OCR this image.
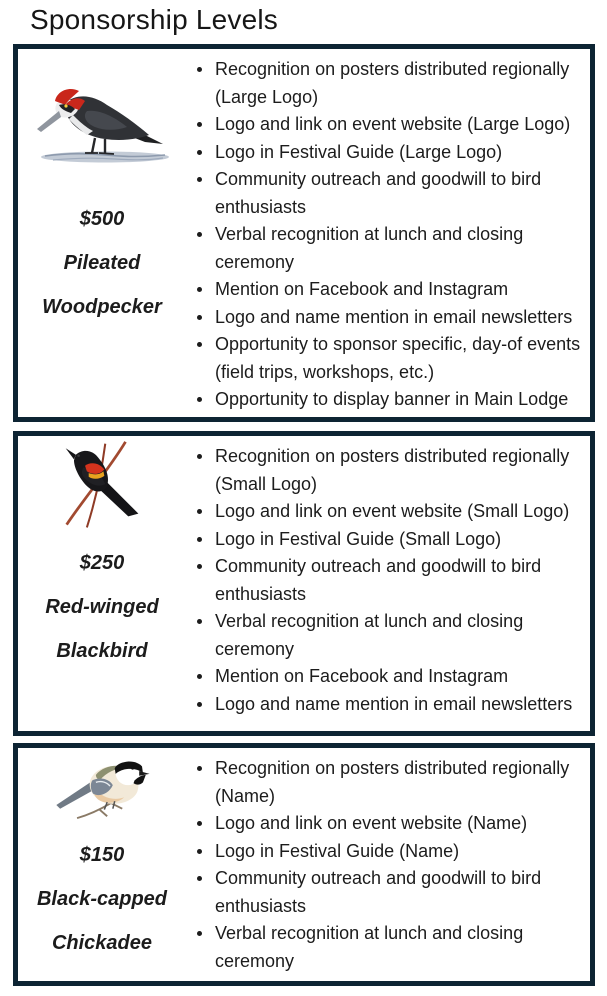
Sponsorship Levels
$500
Pileated
Woodpecker
Recognition on posters distributed regionally (Large Logo)
Logo and link on event website (Large Logo)
Logo in Festival Guide (Large Logo)
Community outreach and goodwill to bird enthusiasts
Verbal recognition at lunch and closing ceremony
Mention on Facebook and Instagram
Logo and name mention in email newsletters
Opportunity to sponsor specific, day-of events (field trips, workshops, etc.)
Opportunity to display banner in Main Lodge
$250
Red-winged
Blackbird
Recognition on posters distributed regionally (Small Logo)
Logo and link on event website (Small Logo)
Logo in Festival Guide (Small Logo)
Community outreach and goodwill to bird enthusiasts
Verbal recognition at lunch and closing ceremony
Mention on Facebook and Instagram
Logo and name mention in email newsletters
$150
Black-capped
Chickadee
Recognition on posters distributed regionally (Name)
Logo and link on event website (Name)
Logo in Festival Guide (Name)
Community outreach and goodwill to bird enthusiasts
Verbal recognition at lunch and closing ceremony
